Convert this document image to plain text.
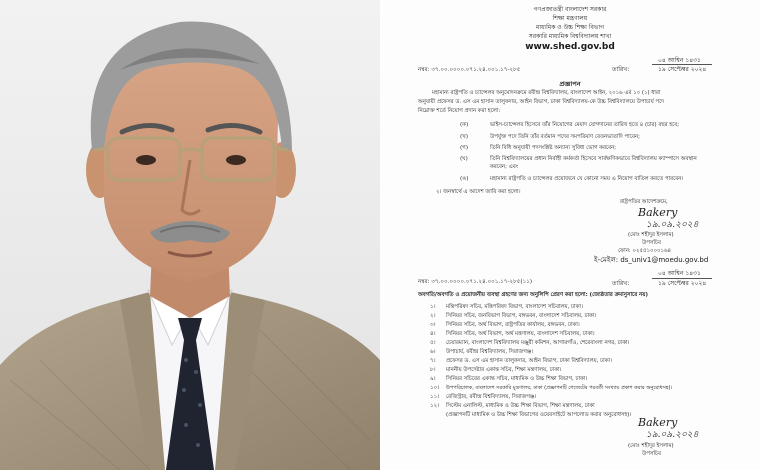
গণপ্রজাতন্ত্রী বাংলাদেশ সরকার
শিক্ষা মন্ত্রণালয়
মাধ্যমিক ও উচ্চ শিক্ষা বিভাগ
সরকারি মাধ্যমিক বিশ্ববিদ্যালয় শাখা
www.shed.gov.bd
০৪ আশ্বিন ১৪৩১
তারিখ:	১৯ সেপ্টেম্বর ২০২৪
নম্বর: ৩৭.০০.০০০০.০৭১.২৪.০০১.১৭-২৮৫
প্রজ্ঞাপন
মহামান্য রাষ্ট্রপতি ও চ্যান্সেলর অনুমোদনক্রমে রবীন্দ্র বিশ্ববিদ্যালয়, বাংলাদেশ আইন, ২০১৬ এর ১০ (১) ধারা
অনুযায়ী প্রফেসর ড. এস এম হাসান তালুকদার, আইন বিভাগ, ঢাকা বিশ্ববিদ্যালয়-কে উচ্চ বিশ্ববিদ্যালয়ে উপাচার্য পদে
নিম্নোক্ত শর্তে নিয়োগ প্রদান করা হলো:
(ক)	ভাইস-চ্যান্সেলর হিসেবে তাঁর নিয়োগের মেয়াদ যোগদানের তারিখ হতে ৪ (চার) বছর হবে;
(খ)	উপর্যুক্ত পদে তিনি তাঁর বর্তমান পদের সমপরিমাণ বেতনভাতাদি পাবেন;
(গ)	তিনি বিধি অনুযায়ী পদসংশ্লিষ্ট অন্যান্য সুবিধা ভোগ করবেন;
(ঘ)	তিনি বিশ্ববিদ্যালয়ের প্রধান নির্বাহী কর্মকর্তা হিসেবে সার্বক্ষণিকভাবে বিশ্ববিদ্যালয় ক্যাম্পাসে অবস্থান
করবেন; এবং
(ঙ)	মহামান্য রাষ্ট্রপতি ও চ্যান্সেলর প্রয়োজনে যে কোনো সময় এ নিয়োগ বাতিল করতে পারবেন।
২। জনস্বার্থে এ আদেশ জারি করা হলো।
রাষ্ট্রপতির আদেশক্রমে,
Bakery
১৯.০৯.২০২৪
(মোঃ শহীদুর ইসলাম)
উপসচিব
ফোন: ০২৫৫১০০০১৬৪
ই-মেইল: ds_univ1@moedu.gov.bd
০৪ আশ্বিন ১৪৩১
তারিখ:	১৯ সেপ্টেম্বর ২০২৪
নম্বর: ৩৭.০০.০০০০.০৭১.২৪.০০১.১৭-২৮৫(১১)
অবগতি/অবগতি ও প্রয়োজনীয় ব্যবস্থা গ্রহণের জন্য অনুলিপি প্রেরণ করা হলো: (জ্যেষ্ঠতার ক্রমানুসারে নয়)
১। মন্ত্রিপরিষদ সচিব, মন্ত্রিপরিষদ বিভাগ, বাংলাদেশ সচিবালয়, ঢাকা।
২। সিনিয়র সচিব, জনবিভাগ বিভাগ, বঙ্গভবন, বাংলাদেশ সচিবালয়, ঢাকা।
৩। সিনিয়র সচিব, অর্থ বিভাগ, রাষ্ট্রপতির কার্যালয়, বঙ্গভবন, ঢাকা।
৪। সিনিয়র সচিব, অর্থ বিভাগ, অর্থ মন্ত্রণালয়, বাংলাদেশ সচিবালয়, ঢাকা।
৫। চেয়ারম্যান, বাংলাদেশ বিশ্ববিদ্যালয় মঞ্জুরী কমিশন, আগারগাঁও, শেরেবাংলা নগর, ঢাকা।
৬। উপাচার্য, রবীন্দ্র বিশ্ববিদ্যালয়, সিরাজগঞ্জ।
৭। প্রফেসর ড. এস এম হাসান তালুকদার, আইন বিভাগ, ঢাকা বিশ্ববিদ্যালয়, ঢাকা।
৮। মাননীয় উপদেষ্টার একান্ত সচিব, শিক্ষা মন্ত্রণালয়, ঢাকা।
৯। সিনিয়র সচিবের একান্ত সচিব, মাধ্যমিক ও উচ্চ শিক্ষা বিভাগ, ঢাকা।
১০। উপপরিচালক, বাংলাদেশ সরকারি মুদ্রণালয়, ঢাকা (প্রজ্ঞাপনটি গেজেটের পরবর্তী সংখ্যায় প্রকাশ করার অনুরোধসহ)।
১১। রেজিস্ট্রার, রবীন্দ্র বিশ্ববিদ্যালয়, সিরাজগঞ্জ।
১২। সিস্টেম এনালিস্ট, মাধ্যমিক ও উচ্চ শিক্ষা বিভাগ, শিক্ষা মন্ত্রণালয়, ঢাকা
(প্রজ্ঞাপনটি মাধ্যমিক ও উচ্চ শিক্ষা বিভাগের ওয়েবসাইটে আপলোড করার অনুরোধসহ)।
Bakery
১৯.০৯.২০২৪
(মোঃ শহীদুর ইসলাম)
উপসচিব
